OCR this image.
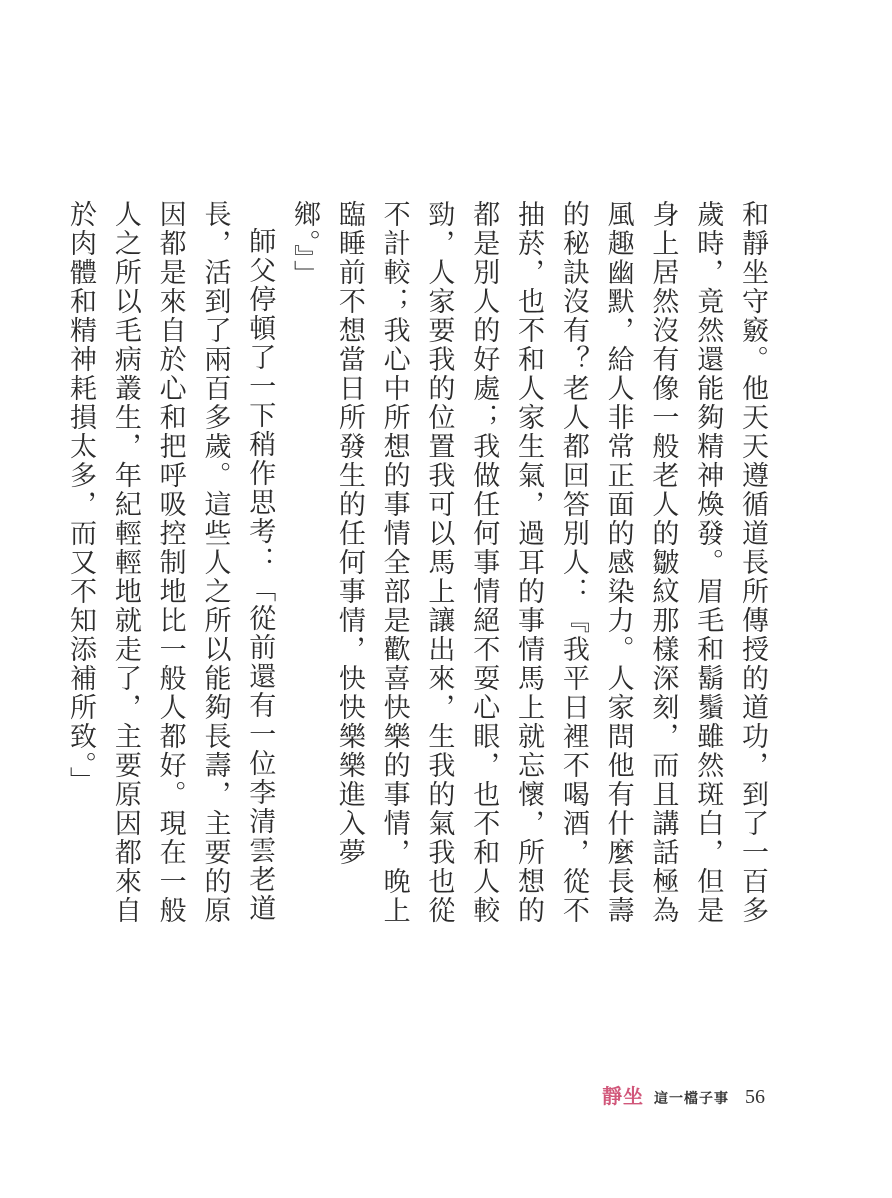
和靜坐守竅。他天天遵循道長所傳授的道功，到了一百多歲時，竟然還能夠精神煥發。眉毛和鬍鬚雖然斑白，但是身上居然沒有像一般老人的皺紋那樣深刻，而且講話極為風趣幽默，給人非常正面的感染力。人家問他有什麼長壽的秘訣沒有？老人都回答別人：『我平日裡不喝酒，從不抽菸，也不和人家生氣，過耳的事情馬上就忘懷，所想的都是別人的好處；我做任何事情絕不耍心眼，也不和人較勁，人家要我的位置我可以馬上讓出來，生我的氣我也從不計較；我心中所想的事情全部是歡喜快樂的事情，晚上臨睡前不想當日所發生的任何事情，快快樂樂進入夢鄉。』」

師父停頓了一下稍作思考：「從前還有一位李清雲老道長，活到了兩百多歲。這些人之所以能夠長壽，主要的原因都是來自於心和把呼吸控制地比一般人都好。現在一般人之所以毛病叢生，年紀輕輕地就走了，主要原因都來自於肉體和精神耗損太多，而又不知添補所致。」

靜坐 這一檔子事 56
